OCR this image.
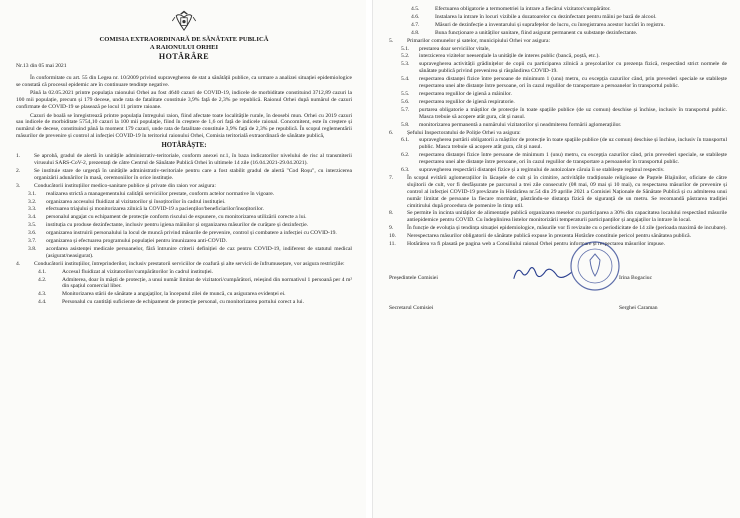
COMISIA EXTRAORDINARĂ DE SĂNĂTATE PUBLICĂ
A RAIONULUI ORHEI
HOTĂRÂRE
Nr.13 din 05 mai 2021

În conformitate cu art. 55 din Legea nr. 10/2009 privind supravegherea de stat a sănătății publice, ca urmare a analizei situației epidemiologice se constată că procesul epidemic are în continuare tendințe negative.

Până la 02.05.2021 printre populația raionului Orhei au fost 4640 cazuri de COVID-19, indicele de morbiditate constituind 3712,89 cazuri la 100 mii populație, precum și 179 decese, unde rata de fatalitate constituie 3,9% față de 2,3% pe republică. Raionul Orhei după numărul de cazuri confirmate de COVID-19 se plasează pe locul 11 printre raioane.

Cazuri de boală se înregistrează printre populația întregului raion, fiind afectate toate localitățile rurale, în deosebi mun. Orhei cu 2019 cazuri sau indicele de morbiditate 5754,10 cazuri la 100 mii populație, fiind în creștere de 1,6 ori față de indicele raional. Concomitent, este în creștere și numărul de decese, constituind până la moment 179 cazuri, unde rata de fatalitate constituie 3,9% față de 2,3% pe republică. În scopul reglementării măsurilor de prevenire și control al infecției COVID-19 în teritoriul raionului Orhei, Comisia teritorială extraordinară de sănătate publică,

HOTĂRĂȘTE:
1.	Se aprobă, gradul de alertă în unitățile administrativ-teritoriale, conform anexei nr.1, în baza indicatorilor nivelului de risc al transmiterii virusului SARS-CoV-2, prezentați de către Centrul de Sănătate Publică Orhei în ultimele 14 zile (16.04.2021-29.04.2021).
2.	Se instituie stare de urgență în unitățile administrativ-teritoriale pentru care a fost stabilit gradul de alertă "Cod Roșu", cu interzicerea organizării adunărilor în masă, ceremoniilor în orice instituție.
3.	Conducătorii instituțiilor medico-sanitare publice și private din raion vor asigura:
3.1.	realizarea strictă a managementului calității serviciilor prestate, conform actelor normative în vigoare.
3.2.	organizarea accesului fluidizat al vizitatorilor și însoțitorilor în cadrul instituției.
3.3.	efectuarea triajului și monitorizarea zilnică la COVID-19 a pacienților/beneficiarilor/însoțitorilor.
3.4.	personalul angajat cu echipament de protecție conform riscului de expunere, cu monitorizarea utilizării corecte a lui.
3.5.	instituția cu produse dezinfectante, inclusiv pentru igiena mâinilor și organizarea măsurilor de curățare și dezinfecție.
3.6.	organizarea instruirii personalului la locul de muncă privind măsurile de prevenire, control și combatere a infecției cu COVID-19.
3.7.	organizarea și efectuarea programului populației pentru imunizarea anti-COVID.
3.8.	acordarea asistenței medicale persoanelor, fără întrunire criterii definiției de caz pentru COVID-19, indiferent de statutul medical (asigurat/neasigurat).
4.	Conducătorii instituțiilor, întreprinderilor, inclusiv prestatorii serviciilor de coafură și alte servicii de înfrumusețare, vor asigura restricțiile:
4.1.	Accesul fluidizat al vizitatorilor/cumpărătorilor în cadrul instituției.
4.2.	Admiterea, doar în măști de protecție, a unui număr limitat de vizitatori/cumpărători, reieșind din normativul 1 persoană per 4 m² din spațiul comercial liber.
4.3.	Monitorizarea stării de sănătate a angajaților, la începutul zilei de muncă, cu asigurarea evidenței ei.
4.4.	Personalul cu cantități suficiente de echipament de protecție personal, cu monitorizarea portului corect a lui.
4.5.	Efectuarea obligatorie a termometriei la intrare a fiecărui vizitator/cumpărător.
4.6.	Instalarea la intrare în locuri vizibile a dozatoarelor cu dezinfectant pentru mâini pe bază de alcool.
4.7.	Măsuri de dezinfecție a inventarului și suprafețelor de lucru, cu înregistrarea acestor lucrări în registru.
4.8.	Buna funcționare a unităților sanitare, fiind asigurat permanent cu substanțe dezinfectante.
5.	Primarilor comunelor și satelor, municipiului Orhei vor asigura:
5.1.	prestarea doar serviciilor vitale,
5.2.	interzicerea vizitelor neesențiale la unitățile de interes public (bancă, poștă, etc.).
5.3.	supravegherea activității grădinițelor de copii cu participarea zilnică a preșcolarilor cu prezența fizică, respectând strict normele de sănătate publică privind prevenirea și răspândirea COVID-19.
5.4.	respectarea distanței fizice între persoane de minimum 1 (unu) metru, cu excepția cazurilor când, prin prevederi speciale se stabilește respectarea unei alte distanțe între persoane, ori în cazul regulilor de transportare a persoanelor în transportul public.
5.5.	respectarea regulilor de igienă a mâinilor.
5.6.	respectarea regulilor de igienă respiratorie.
5.7.	purtarea obligatorie a măștilor de protecție în toate spațiile publice (de uz comun) deschise și închise, inclusiv în transportul public. Masca trebuie să acopere atât gura, cât și nasul.
5.8.	monitorizarea permanentă a numărului vizitatorilor și neadmiterea formării aglomerațiilor.
6.	Șefului Inspectoratului de Poliție Orhei va asigura:
6.1.	supravegherea purtării obligatorii a măștilor de protecție în toate spațiile publice (de uz comun) deschise și închise, inclusiv în transportul public. Masca trebuie să acopere atât gura, cât și nasul.
6.2.	respectarea distanței fizice între persoane de minimum 1 (unu) metru, cu excepția cazurilor când, prin prevederi speciale, se stabilește respectarea unei alte distanțe între persoane, ori în cazul regulilor de transportare a persoanelor în transportul public.
6.3.	supravegherea respectării distanței fizice și a regimului de autoizolare căruia îi se stabilește regimul respectiv.
7.	În scopul evitării aglomerațiilor în lăcașele de cult și în cimitire, activitățile tradiționale religioase de Paștele Blajinilor, oficiate de către slujitorii de cult, vor fi desfășurate pe parcursul a trei zile consecutiv (08 mai, 09 mai și 10 mai), cu respectarea măsurilor de prevenire și control al infecției COVID-19 prevăzute în Hotărârea nr.54 din 29 aprilie 2021 a Comisiei Naționale de Sănătate Publică și cu admiterea unui număr limitat de persoane la fiecare mormânt, păstrându-se distanța fizică de siguranță de un metru. Se recomandă păstrarea tradiției cimitirului după procedura de pomenire în timp util.
8.	Se permite în incinta unităților de alimentație publică organizarea meselor cu participarea a 30% din capacitatea localului respectând măsurile antiepidemice pentru COVID. Cu îndeplinirea listelor monitorizării temperaturii participanților și angajaților la intrare în local.
9.	În funcție de evoluția și tendința situației epidemiologice, măsurile vor fi revizuite cu o periodicitate de 14 zile (perioada maximă de incubare).
10.	Nerespectarea măsurilor obligatorii de sănătate publică expuse în prezenta Hotărâre constituie pericol pentru sănătatea publică.
11.	Hotărârea va fi plasată pe pagina web a Consiliului raional Orhei pentru informare și respectarea măsurilor impuse.
Președintele Comisiei	Irina Bogaciuc
Secretarul Comisiei	Serghei Caraman
